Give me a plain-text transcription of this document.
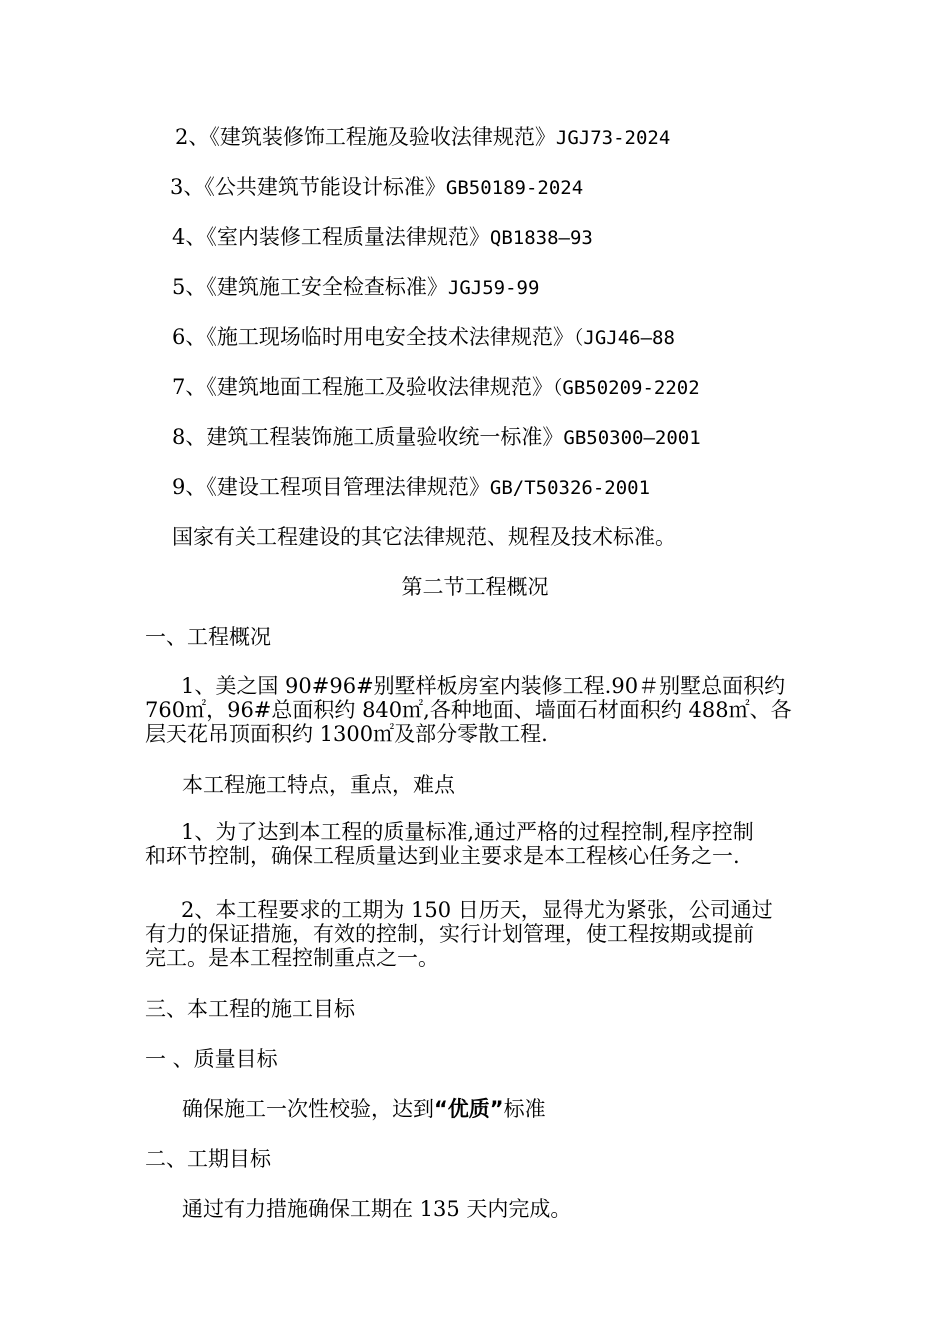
2、《建筑装修饰工程施及验收法律规范》JGJ73-2024
3、《公共建筑节能设计标准》GB50189-2024
4、《室内装修工程质量法律规范》QB1838—93
5、《建筑施工安全检查标准》JGJ59-99
6、《施工现场临时用电安全技术法律规范》（JGJ46—88
7、《建筑地面工程施工及验收法律规范》（GB50209-2202
8、建筑工程装饰施工质量验收统一标准》GB50300—2001
9、《建设工程项目管理法律规范》GB/T50326-2001
国家有关工程建设的其它法律规范、规程及技术标准。
第二节工程概况
一、工程概况
1、美之国 90#96#别墅样板房室内装修工程.90＃别墅总面积约
760㎡，96#总面积约 840㎡,各种地面、墙面石材面积约 488㎡、各
层天花吊顶面积约 1300㎡及部分零散工程.
本工程施工特点，重点，难点
1、为了达到本工程的质量标准,通过严格的过程控制,程序控制
和环节控制，确保工程质量达到业主要求是本工程核心任务之一.
2、本工程要求的工期为 150 日历天，显得尤为紧张，公司通过
有力的保证措施，有效的控制，实行计划管理，使工程按期或提前
完工。是本工程控制重点之一。
三、本工程的施工目标
一 、质量目标
确保施工一次性校验，达到“优质”标准
二、工期目标
通过有力措施确保工期在 135 天内完成。
